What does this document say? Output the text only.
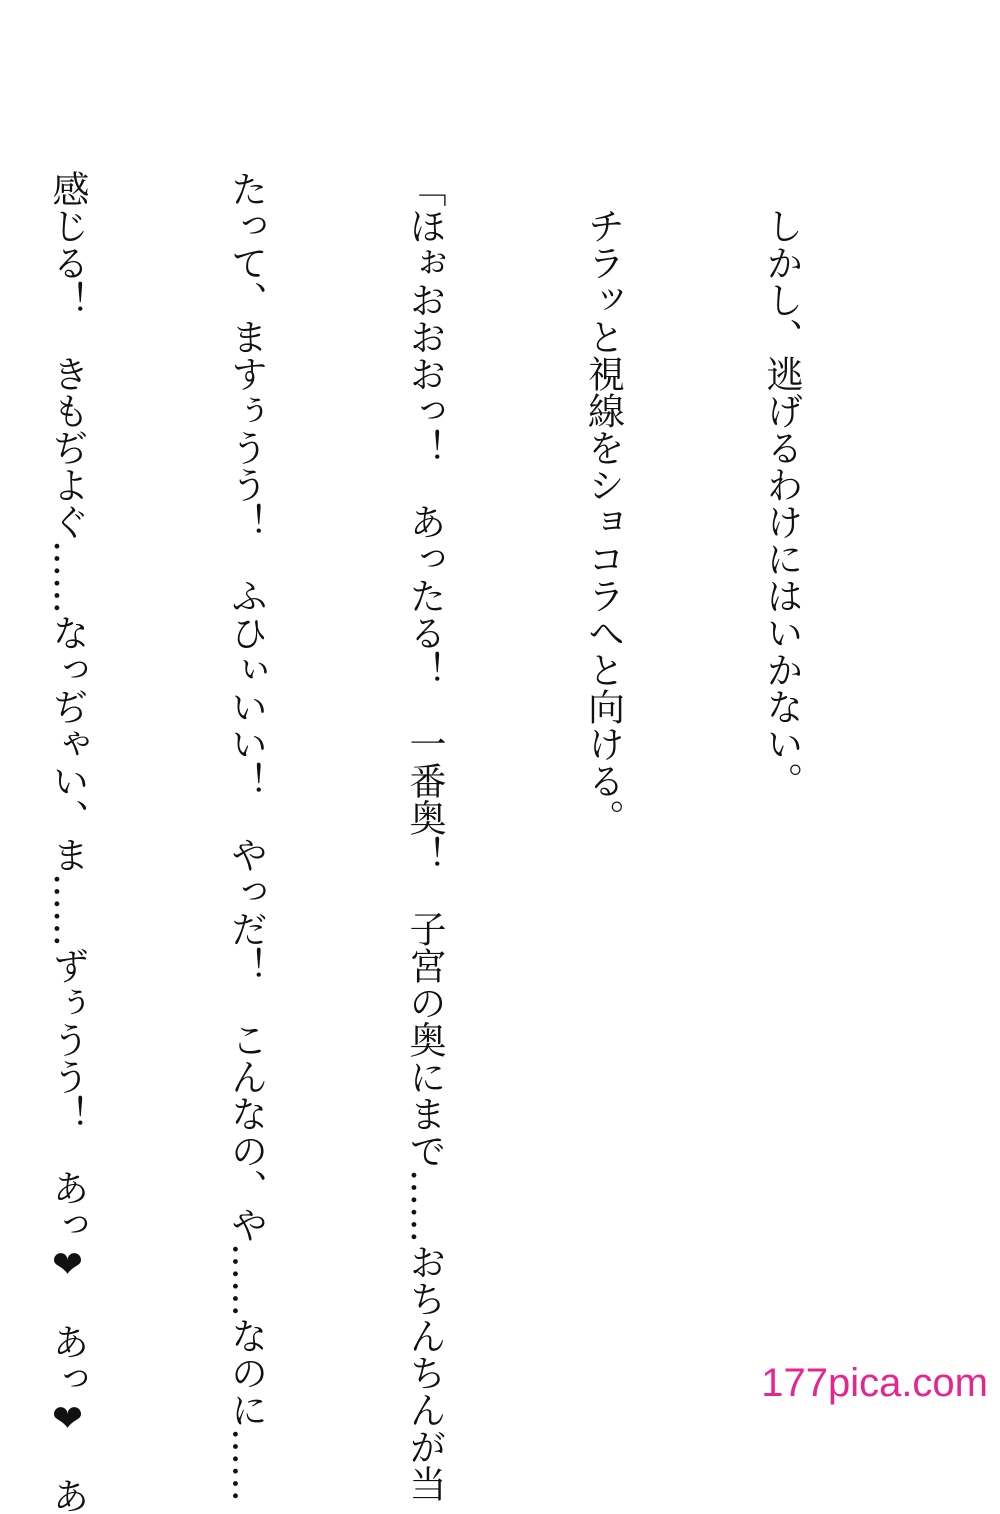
　しかし、逃げるわけにはいかない。

　チラッと視線をショコラへと向ける。

「ほぉおおおっ！　あったる！　一番奥！　子宮の奥にまで……おちんちんが当

たって、ますぅうう！　ふひぃいい！　やっだ！　こんなの、や……なのに……

感じる！　きもぢよぐ……なっぢゃい、ま……ずぅうう！　あっ❤　あっ❤　あ

	177pica.com
